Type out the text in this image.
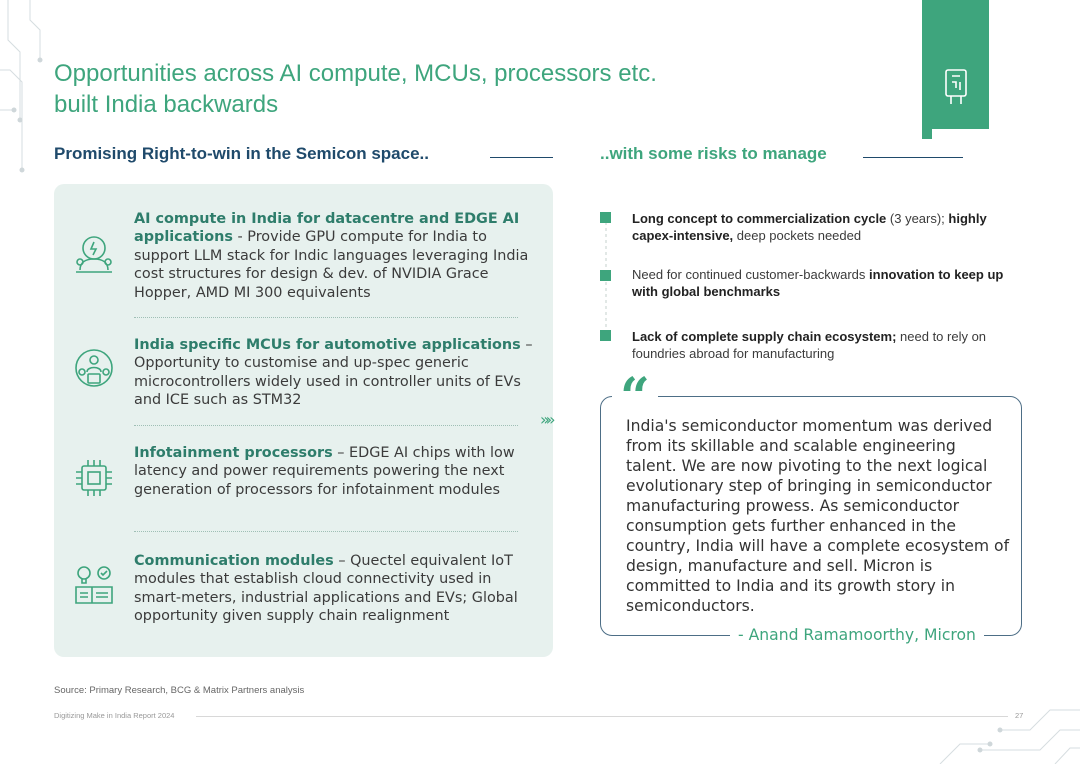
Opportunities across AI compute, MCUs, processors etc.
built India backwards
Promising Right-to-win in the Semicon space..	..with some risks to manage
AI compute in India for datacentre and EDGE AI applications - Provide GPU compute for India to support LLM stack for Indic languages leveraging India cost structures for design & dev. of NVIDIA Grace Hopper, AMD MI 300 equivalents
India specific MCUs for automotive applications – Opportunity to customise and up-spec generic microcontrollers widely used in controller units of EVs and ICE such as STM32
Infotainment processors – EDGE AI chips with low latency and power requirements powering the next generation of processors for infotainment modules
Communication modules – Quectel equivalent IoT modules that establish cloud connectivity used in smart-meters, industrial applications and EVs; Global opportunity given supply chain realignment
»»
Long concept to commercialization cycle (3 years); highly capex-intensive, deep pockets needed
Need for continued customer-backwards innovation to keep up with global benchmarks
Lack of complete supply chain ecosystem; need to rely on foundries abroad for manufacturing
“
India's semiconductor momentum was derived from its skillable and scalable engineering talent. We are now pivoting to the next logical evolutionary step of bringing in semiconductor manufacturing prowess. As semiconductor consumption gets further enhanced in the country, India will have a complete ecosystem of design, manufacture and sell. Micron is committed to India and its growth story in semiconductors.
- Anand Ramamoorthy, Micron
Source: Primary Research, BCG & Matrix Partners analysis
Digitizing Make in India Report 2024	27
